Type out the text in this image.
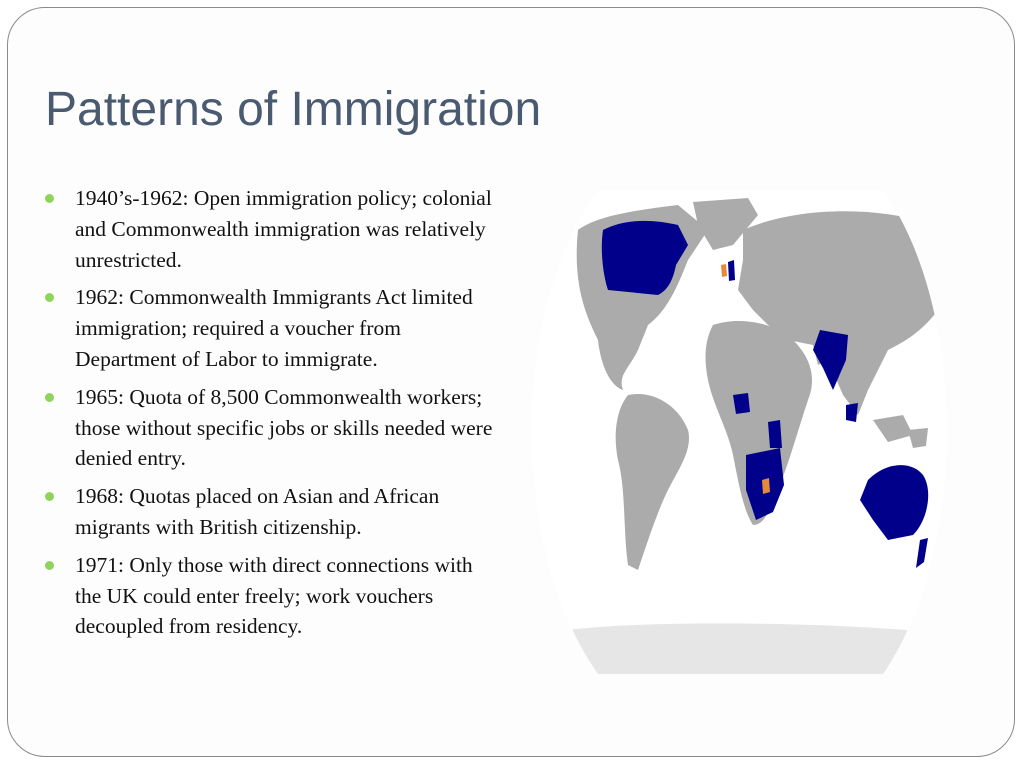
Patterns of Immigration
1940’s-1962: Open immigration policy; colonial and Commonwealth immigration was relatively unrestricted.
1962: Commonwealth Immigrants Act limited immigration; required a voucher from Department of Labor to immigrate.
1965: Quota of 8,500 Commonwealth workers; those without specific jobs or skills needed were denied entry.
1968: Quotas placed on Asian and African migrants with British citizenship.
1971: Only those with direct connections with the UK could enter freely; work vouchers decoupled from residency.
